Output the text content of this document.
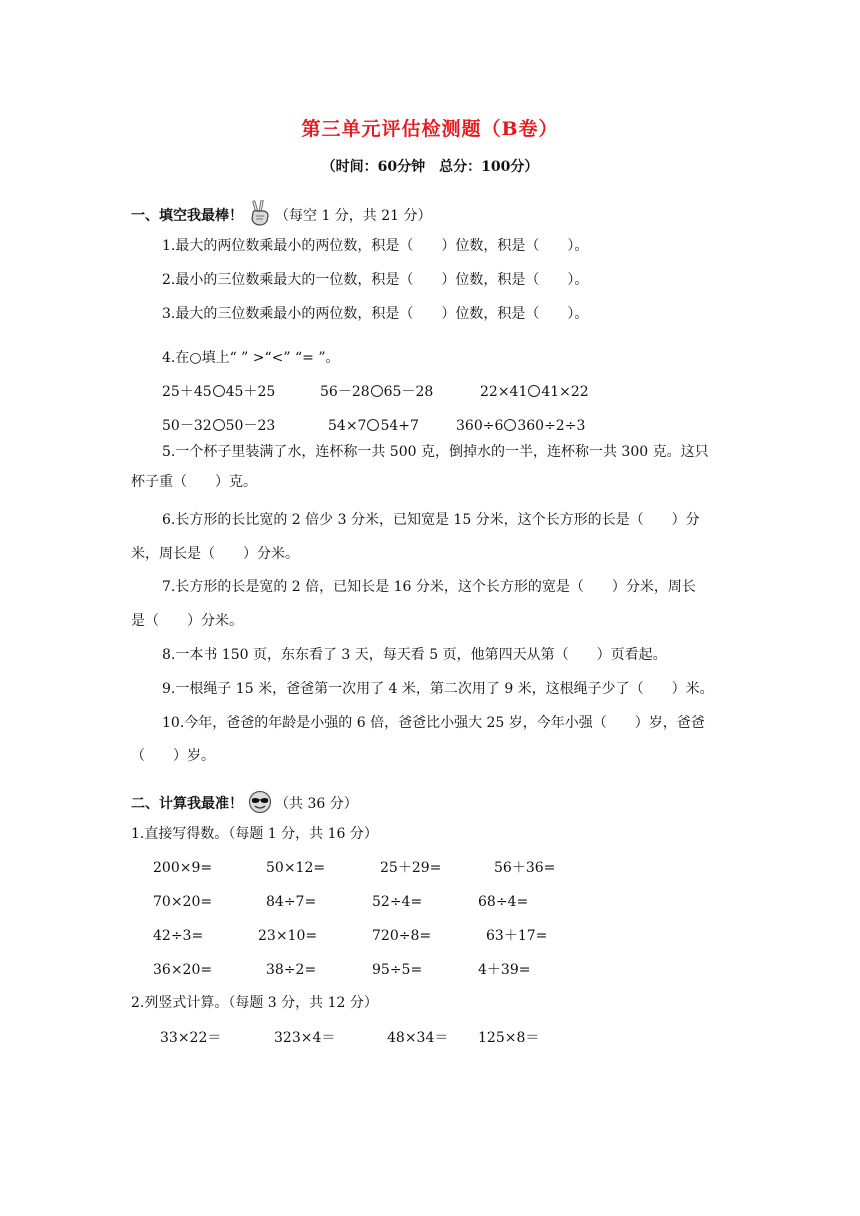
第三单元评估检测题（B卷）
（时间：60分钟　总分：100分）
一、填空我最棒！ （每空 1 分，共 21 分）
1.最大的两位数乘最小的两位数，积是（　　）位数，积是（　　）。
2.最小的三位数乘最大的一位数，积是（　　）位数，积是（　　）。
3.最大的三位数乘最小的两位数，积是（　　）位数，积是（　　）。
4.在○填上“ ” >“<” “= ”。
25＋45 45＋25	56－28 65－28	22×41 41×22
50－32 50－23	54×7 54+7	360÷6 360÷2÷3
5.一个杯子里装满了水，连杯称一共 500 克，倒掉水的一半，连杯称一共 300 克。这只
杯子重（　　）克。
6.长方形的长比宽的 2 倍少 3 分米，已知宽是 15 分米，这个长方形的长是（　　）分
米，周长是（　　）分米。
7.长方形的长是宽的 2 倍，已知长是 16 分米，这个长方形的宽是（　　）分米，周长
是（　　）分米。
8.一本书 150 页，东东看了 3 天，每天看 5 页，他第四天从第（　　）页看起。
9.一根绳子 15 米，爸爸第一次用了 4 米，第二次用了 9 米，这根绳子少了（　　）米。
10.今年，爸爸的年龄是小强的 6 倍，爸爸比小强大 25 岁，今年小强（　　）岁，爸爸
（　　）岁。
二、计算我最准！ （共 36 分）
1.直接写得数。（每题 1 分，共 16 分）
200×9=	50×12=	25＋29=	56＋36=
70×20=	84÷7=	52÷4=	68÷4=
42÷3=	23×10=	720÷8=	63＋17=
36×20=	38÷2=	95÷5=	4＋39=
2.列竖式计算。（每题 3 分，共 12 分）
33×22＝	323×4＝	48×34＝ 125×8＝
